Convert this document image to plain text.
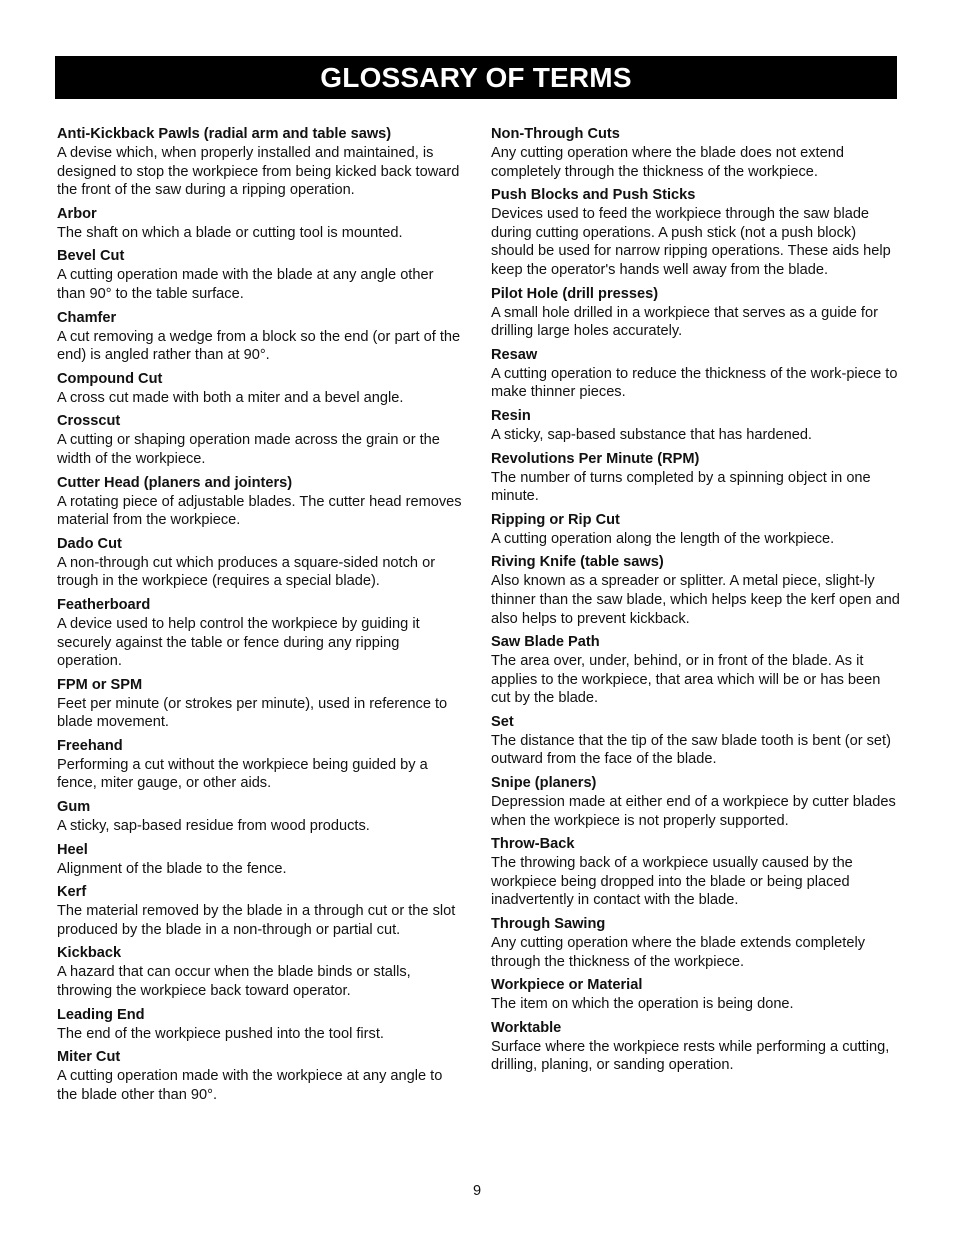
GLOSSARY OF TERMS

Anti-Kickback Pawls (radial arm and table saws)

A devise which, when properly installed and maintained, is designed to stop the workpiece from being kicked back toward the front of the saw during a ripping operation.

Arbor

The shaft on which a blade or cutting tool is mounted.

Bevel Cut

A cutting operation made with the blade at any angle other than 90° to the table surface.

Chamfer

A cut removing a wedge from a block so the end (or part of the end) is angled rather than at 90°.

Compound Cut

A cross cut made with both a miter and a bevel angle.

Crosscut

A cutting or shaping operation made across the grain or the width of the workpiece.

Cutter Head (planers and jointers)

A rotating piece of adjustable blades. The cutter head removes material from the workpiece.

Dado Cut

A non-through cut which produces a square-sided notch or trough in the workpiece (requires a special blade).

Featherboard

A device used to help control the workpiece by guiding it securely against the table or fence during any ripping operation.

FPM or SPM

Feet per minute (or strokes per minute), used in reference to blade movement.

Freehand

Performing a cut without the workpiece being guided by a fence, miter gauge, or other aids.

Gum

A sticky, sap-based residue from wood products.

Heel

Alignment of the blade to the fence.

Kerf

The material removed by the blade in a through cut or the slot produced by the blade in a non-through or partial cut.

Kickback

A hazard that can occur when the blade binds or stalls, throwing the workpiece back toward operator.

Leading End

The end of the workpiece pushed into the tool first.

Miter Cut

A cutting operation made with the workpiece at any angle to the blade other than 90°.

Non-Through Cuts

Any cutting operation where the blade does not extend completely through the thickness of the workpiece.

Push Blocks and Push Sticks

Devices used to feed the workpiece through the saw blade during cutting operations. A push stick (not a push block) should be used for narrow ripping operations. These aids help keep the operator's hands well away from the blade.

Pilot Hole (drill presses)

A small hole drilled in a workpiece that serves as a guide for drilling large holes accurately.

Resaw

A cutting operation to reduce the thickness of the work-piece to make thinner pieces.

Resin

A sticky, sap-based substance that has hardened.

Revolutions Per Minute (RPM)

The number of turns completed by a spinning object in one minute.

Ripping or Rip Cut

A cutting operation along the length of the workpiece.

Riving Knife (table saws)

Also known as a spreader or splitter. A metal piece, slight-ly thinner than the saw blade, which helps keep the kerf open and also helps to prevent kickback.

Saw Blade Path

The area over, under, behind, or in front of the blade. As it applies to the workpiece, that area which will be or has been cut by the blade.

Set

The distance that the tip of the saw blade tooth is bent (or set) outward from the face of the blade.

Snipe (planers)

Depression made at either end of a workpiece by cutter blades when the workpiece is not properly supported.

Throw-Back

The throwing back of a workpiece usually caused by the workpiece being dropped into the blade or being placed inadvertently in contact with the blade.

Through Sawing

Any cutting operation where the blade extends completely through the thickness of the workpiece.

Workpiece or Material

The item on which the operation is being done.

Worktable

Surface where the workpiece rests while performing a cutting, drilling, planing, or sanding operation.

9
